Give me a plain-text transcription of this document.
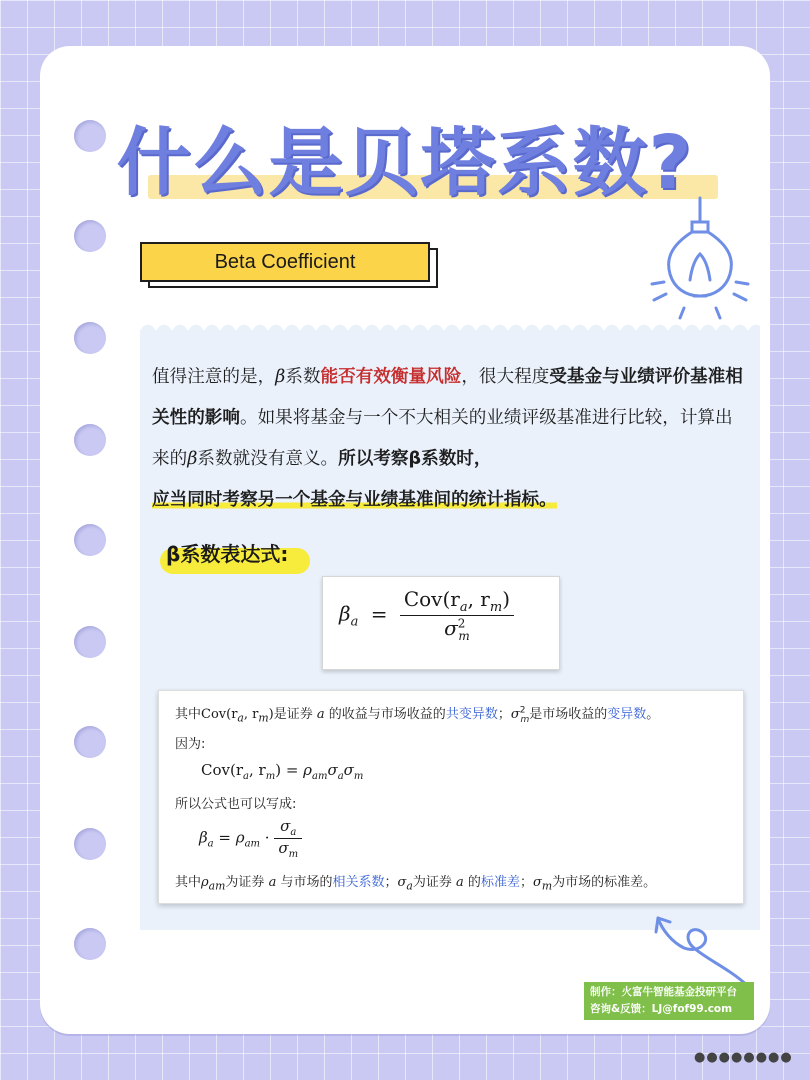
什么是贝塔系数?
Beta Coefficient
值得注意的是，β系数能否有效衡量风险，很大程度受基金与业绩评价基准相关性的影响。如果将基金与一个不大相关的业绩评级基准进行比较，计算出来的β系数就没有意义。所以考察β系数时，
应当同时考察另一个基金与业绩基准间的统计指标。
β系数表达式:
$\beta_a = \frac{Cov(r_a, r_m)}{\sigma^2_m}$
其中$Cov(r_a$, $r_m$)是证券 a 的收益与市场收益的共变异数；$\sigma^2_m$是市场收益的变异数。
因为:
$Cov(r_a$, $r_m) = \rho_{am}\sigma_a\sigma_m$
所以公式也可以写成:
$\beta_a = \rho_{am} \cdot \frac{\sigma_a}{\sigma_m}$
其中$\rho_{am}$为证券 a 与市场的相关系数；$\sigma_a$为证券 a 的标准差；$\sigma_m$为市场的标准差。
制作：火富牛智能基金投研平台
咨询&反馈：LJ@fof99.com
●●●●●●●●
